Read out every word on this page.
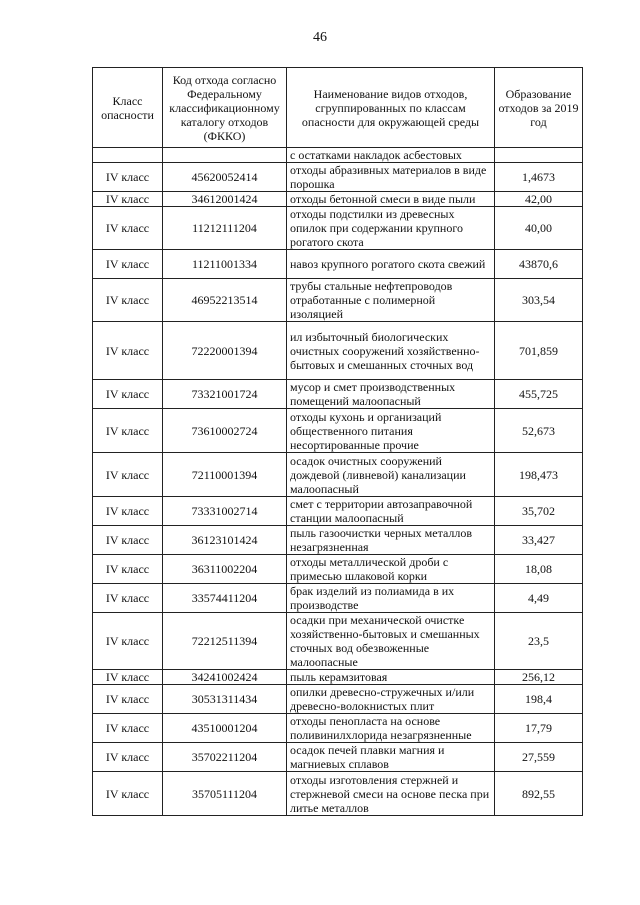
46
Класс опасности	Код отхода согласно Федеральному классификационному каталогу отходов (ФККО)	Наименование видов отходов, сгруппированных по классам опасности для окружающей среды	Образование отходов за 2019 год
		с остатками накладок асбестовых	
IV класс	45620052414	отходы абразивных материалов в виде порошка	1,4673
IV класс	34612001424	отходы бетонной смеси в виде пыли	42,00
IV класс	11212111204	отходы подстилки из древесных опилок при содержании крупного рогатого скота	40,00
IV класс	11211001334	навоз крупного рогатого скота свежий	43870,6
IV класс	46952213514	трубы стальные нефтепроводов отработанные с полимерной изоляцией	303,54
IV класс	72220001394	ил избыточный биологических очистных сооружений хозяйственно-бытовых и смешанных сточных вод	701,859
IV класс	73321001724	мусор и смет производственных помещений малоопасный	455,725
IV класс	73610002724	отходы кухонь и организаций общественного питания несортированные прочие	52,673
IV класс	72110001394	осадок очистных сооружений дождевой (ливневой) канализации малоопасный	198,473
IV класс	73331002714	смет с территории автозаправочной станции малоопасный	35,702
IV класс	36123101424	пыль газоочистки черных металлов незагрязненная	33,427
IV класс	36311002204	отходы металлической дроби с примесью шлаковой корки	18,08
IV класс	33574411204	брак изделий из полиамида в их производстве	4,49
IV класс	72212511394	осадки при механической очистке хозяйственно-бытовых и смешанных сточных вод обезвоженные малоопасные	23,5
IV класс	34241002424	пыль керамзитовая	256,12
IV класс	30531311434	опилки древесно-стружечных и/или древесно-волокнистых плит	198,4
IV класс	43510001204	отходы пенопласта на основе поливинилхлорида незагрязненные	17,79
IV класс	35702211204	осадок печей плавки магния и магниевых сплавов	27,559
IV класс	35705111204	отходы изготовления стержней и стержневой смеси на основе песка при литье металлов	892,55
